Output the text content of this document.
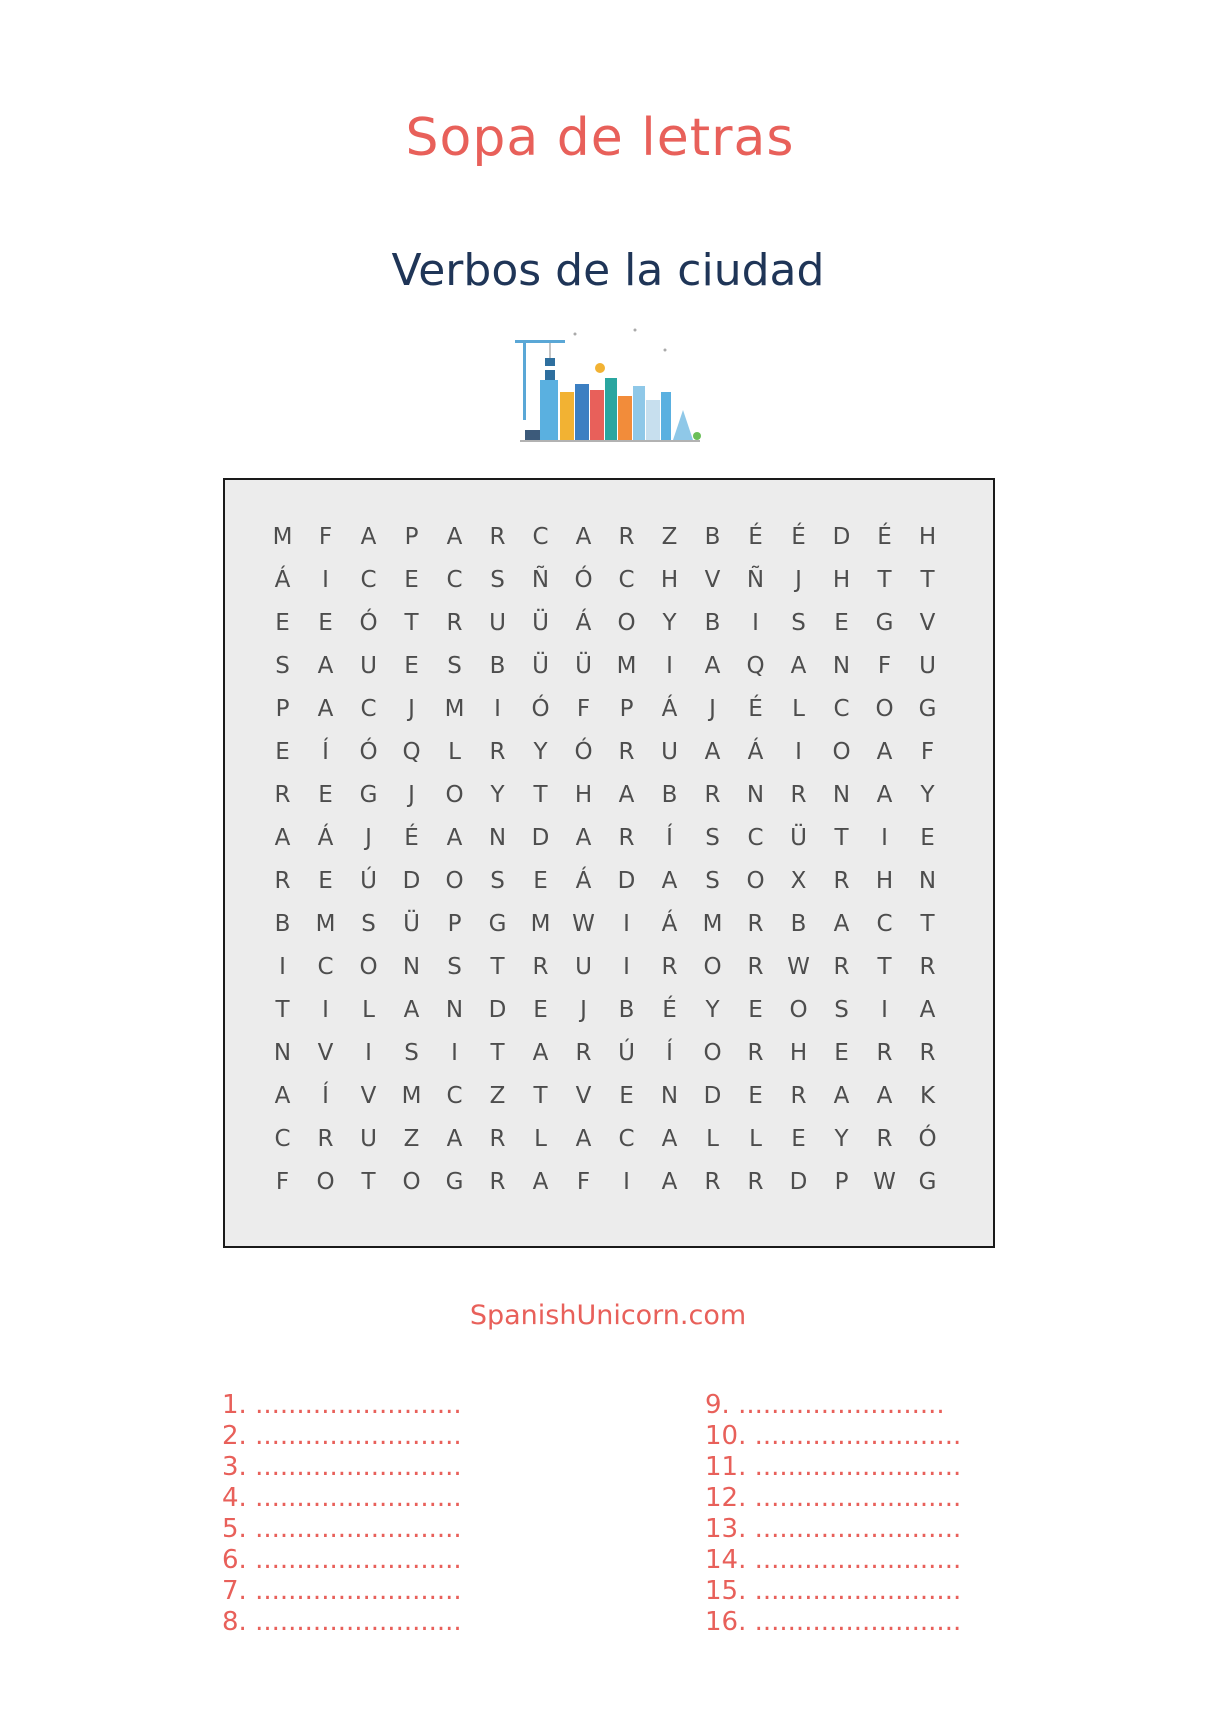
Sopa de letras
Verbos de la ciudad
M	F	A	P	A	R	C	A	R	Z	B	É	É	D	É	H
Á	I	C	E	C	S	Ñ	Ó	C	H	V	Ñ	J	H	T	T
E	E	Ó	T	R	U	Ü	Á	O	Y	B	I	S	E	G	V
S	A	U	E	S	B	Ü	Ü	M	I	A	Q	A	N	F	U
P	A	C	J	M	I	Ó	F	P	Á	J	É	L	C	O	G
E	Í	Ó	Q	L	R	Y	Ó	R	U	A	Á	I	O	A	F
R	E	G	J	O	Y	T	H	A	B	R	N	R	N	A	Y
A	Á	J	É	A	N	D	A	R	Í	S	C	Ü	T	I	E
R	E	Ú	D	O	S	E	Á	D	A	S	O	X	R	H	N
B	M	S	Ü	P	G	M W	I	Á	M	R	B	A	C	T
I	C	O	N	S	T	R	U	I	R	O	R	W	R	T	R
T	I	L	A	N	D	E	J	B	É	Y	E	O	S	I	A
N	V	I	S	I	T	A	R	Ú	Í	O	R	H	E	R	R
A	Í	V	M	C	Z	T	V	E	N	D	E	R	A	A	K
C	R	U	Z	A	R	L	A	C	A	L	L	E	Y	R	Ó
F	O	T	O	G	R	A	F	I	A	R	R	D	P	W G
SpanishUnicorn.com
1. .........................
2. .........................
3. .........................
4. .........................
5. .........................
6. .........................
7. .........................
8. .........................
9. .........................
10. .........................
11. .........................
12. .........................
13. .........................
14. .........................
15. .........................
16. .........................
